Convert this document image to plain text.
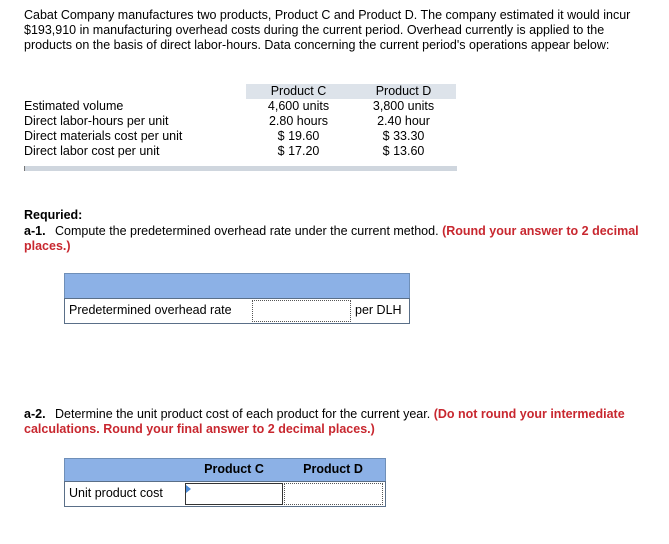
Cabat Company manufactures two products, Product C and Product D. The company estimated it would incur $193,910 in manufacturing overhead costs during the current period. Overhead currently is applied to the products on the basis of direct labor-hours. Data concerning the current period's operations appear below:
	Product C	Product D
Estimated volume	4,600 units	3,800 units
Direct labor-hours per unit	2.80 hours	2.40 hour
Direct materials cost per unit	$ 19.60	$ 33.30
Direct labor cost per unit	$ 17.20	$ 13.60
Requried:
a-1. Compute the predetermined overhead rate under the current method. (Round your answer to 2 decimal places.)
Predetermined overhead rate	per DLH
a-2. Determine the unit product cost of each product for the current year. (Do not round your intermediate calculations. Round your final answer to 2 decimal places.)
Product C	Product D
Unit product cost
